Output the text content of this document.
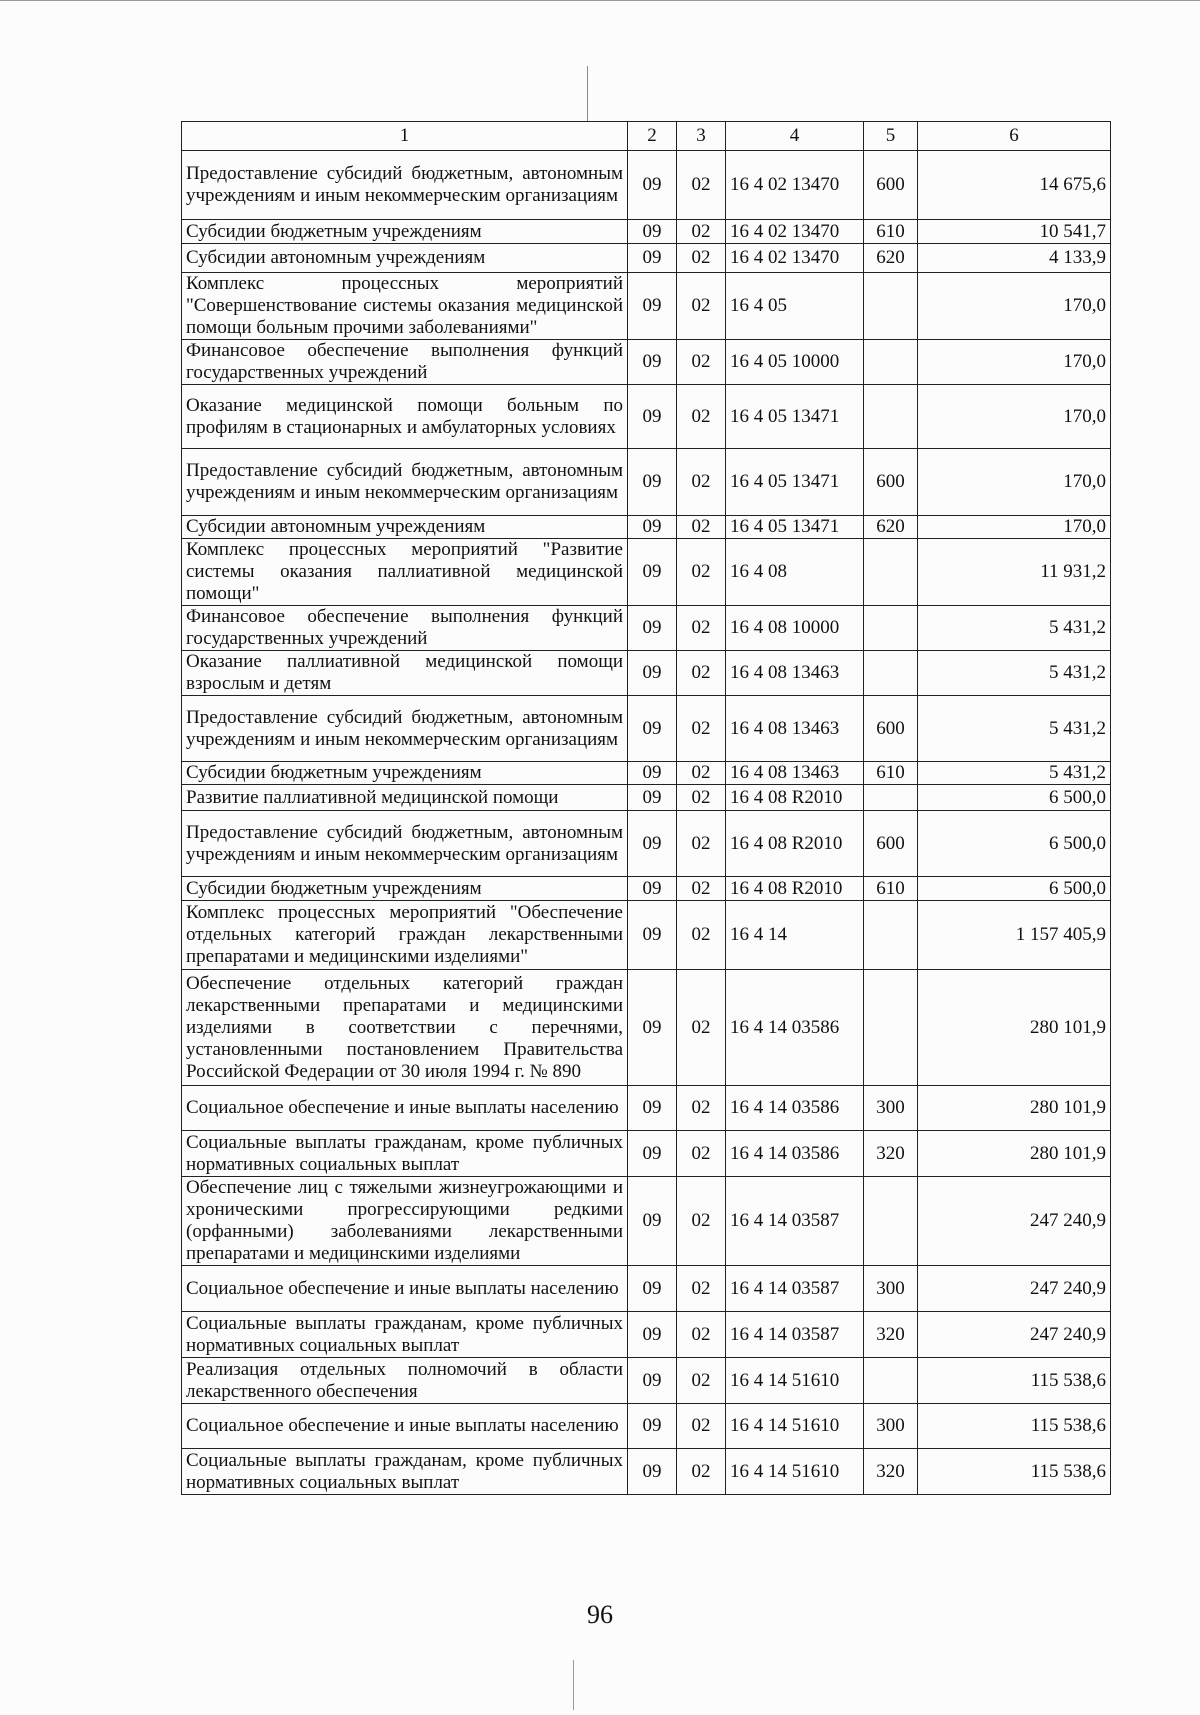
1	2	3	4	5	6
Предоставление субсидий бюджетным, автономным учреждениям и иным некоммерческим организациям	09	02	16 4 02 13470	600	14 675,6
Субсидии бюджетным учреждениям	09	02	16 4 02 13470	610	10 541,7
Субсидии автономным учреждениям	09	02	16 4 02 13470	620	4 133,9
Комплекс процессных мероприятий "Совершенствование системы оказания медицинской помощи больным прочими заболеваниями"	09	02	16 4 05		170,0
Финансовое обеспечение выполнения функций государственных учреждений	09	02	16 4 05 10000		170,0
Оказание медицинской помощи больным по профилям в стационарных и амбулаторных условиях	09	02	16 4 05 13471		170,0
Предоставление субсидий бюджетным, автономным учреждениям и иным некоммерческим организациям	09	02	16 4 05 13471	600	170,0
Субсидии автономным учреждениям	09	02	16 4 05 13471	620	170,0
Комплекс процессных мероприятий "Развитие системы оказания паллиативной медицинской помощи"	09	02	16 4 08		11 931,2
Финансовое обеспечение выполнения функций государственных учреждений	09	02	16 4 08 10000		5 431,2
Оказание паллиативной медицинской помощи взрослым и детям	09	02	16 4 08 13463		5 431,2
Предоставление субсидий бюджетным, автономным учреждениям и иным некоммерческим организациям	09	02	16 4 08 13463	600	5 431,2
Субсидии бюджетным учреждениям	09	02	16 4 08 13463	610	5 431,2
Развитие паллиативной медицинской помощи	09	02	16 4 08 R2010		6 500,0
Предоставление субсидий бюджетным, автономным учреждениям и иным некоммерческим организациям	09	02	16 4 08 R2010	600	6 500,0
Субсидии бюджетным учреждениям	09	02	16 4 08 R2010	610	6 500,0
Комплекс процессных мероприятий "Обеспечение отдельных категорий граждан лекарственными препаратами и медицинскими изделиями"	09	02	16 4 14		1 157 405,9
Обеспечение отдельных категорий граждан лекарственными препаратами и медицинскими изделиями в соответствии с перечнями, установленными постановлением Правительства Российской Федерации от 30 июля 1994 г. № 890	09	02	16 4 14 03586		280 101,9
Социальное обеспечение и иные выплаты населению	09	02	16 4 14 03586	300	280 101,9
Социальные выплаты гражданам, кроме публичных нормативных социальных выплат	09	02	16 4 14 03586	320	280 101,9
Обеспечение лиц с тяжелыми жизнеугрожающими и хроническими прогрессирующими редкими (орфанными) заболеваниями лекарственными препаратами и медицинскими изделиями	09	02	16 4 14 03587		247 240,9
Социальное обеспечение и иные выплаты населению	09	02	16 4 14 03587	300	247 240,9
Социальные выплаты гражданам, кроме публичных нормативных социальных выплат	09	02	16 4 14 03587	320	247 240,9
Реализация отдельных полномочий в области лекарственного обеспечения	09	02	16 4 14 51610		115 538,6
Социальное обеспечение и иные выплаты населению	09	02	16 4 14 51610	300	115 538,6
Социальные выплаты гражданам, кроме публичных нормативных социальных выплат	09	02	16 4 14 51610	320	115 538,6
96
